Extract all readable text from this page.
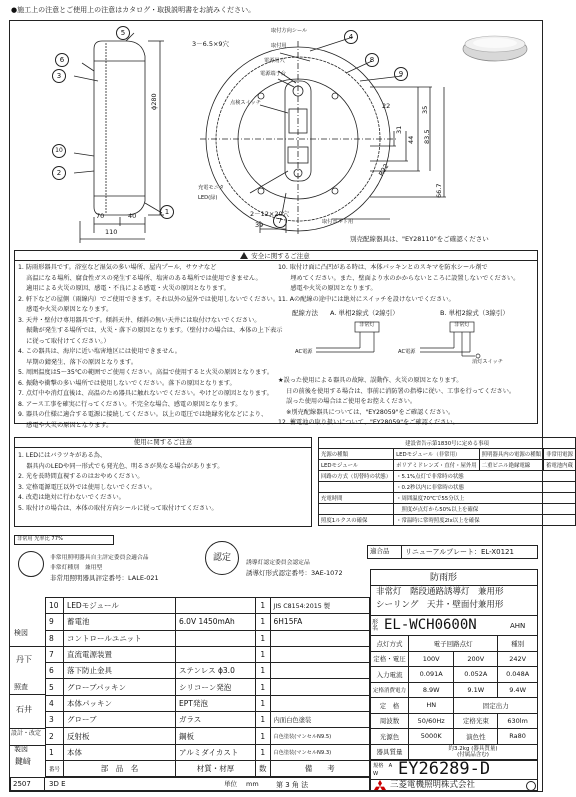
●施工上の注意とご使用上の注意はカタログ・取扱説明書をお読みください。
5
6
3
10
2
1
4
8
9
7
70	40
110
ϕ280
3－6.5×9穴
2－12×20穴
39
22
31
44
35
83.5
66.7
R22
取付方向シール
取付用
電源用穴
電源端子台
点検スイッチ
充電モニタ
LED(緑)
取付ボルト用
別売配線器具は、"EY28110"をご確認ください
安全に関するご注意
1. 防雨形器具です。浴室など湿気の多い場所、屋内プール、サウナなど
　 高温になる場所、腐食性ガスの発生する場所、塩害のある場所では使用できません。
　 適用による火災の原因、感電・不良による感電・火災の原因となります。
2. 軒下などの屋側（雨線内）でご使用できます。それ以外の屋外では使用しないでください。
　 感電や火災の原因となります。
3. 天井・壁付け専用器具です。傾斜天井、傾斜の無い天井には取付けないでください。
　 振動が発生する場所では、火災・落下の原因となります。（壁付けの場合は、本体の上下表示
　 に従って取付けてください。）
4. この器具は、海岸に近い塩害地区には使用できません。
　 早期の錆発生、落下の原因となります。
5. 周囲温度は5～35℃の範囲でご使用ください。高温で使用すると火災の原因となります。
6. 振動や衝撃の多い場所では使用しないでください。落下の原因となります。
7. 点灯中や消灯直後は、高温のため器具に触れないでください。やけどの原因となります。
8. アース工事を確実に行ってください。不完全な場合、感電の原因となります。
9. 器具の仕様に適合する電源に接続してください。以上の電圧では絶縁劣化などにより、
　 感電や火災の原因となります。
10. 取付け面に凸凹がある時は、本体パッキンとのスキマを防水シール剤で
　　埋めてください。また、壁面より水のかからないところに設置しないでください。
　　感電や火災の原因となります。
11. Aの配線の途中には絶対にスイッチを設けないでください。
配線方法 A. 単相2線式（2線引）	B. 単相2線式（3線引）
非常灯	非常灯
AC電源	AC電源
消灯スイッチ
★誤った使用による器具の故障、誤動作、火災の原因となります。
　 日の前後を使用する場合は、事前に消防署の指導に従い、工事を行ってください。
　 誤った使用の場合はご使用をお控えください。
　 ※別売配線器具については、"EY28059"をご確認ください。
12. 蓄電池の取り扱いについて、"EY28059"をご確認ください。
使用に関するご注意
1. LEDにはバラツキがある為、
　 器具内のLEDや同一形式でも発光色、明るさが異なる場合があります。
2. 光を長時間直視するのはおやめください。
3. 定格電源電圧以外では使用しないでください。
4. 改造は絶対に行わないでください。
5. 取付けの場合は、本体の取付方向シールに従って取付けてください。
建設省告示第1830号に定める事項			
光源の種類	LEDモジュール（非常用）	照明器具内の電源の種類	非常用電源
LEDモジュール	ポリアミドレンズ・直付・屋外用	二重ピニル絶縁電線	蓄電池内蔵
回路の方式（切替時の状態）	・5.1%点灯で非常時の状態		
	・0.2秒以内に非常時の状態		
充電時間	・周囲温度70℃で55分以上		
	　照度が点灯から50%以上を確保		
照度1ルクスの確保	・常温時に常時照度2lx以上を確保		
非常用 光率比 77%
非常用照明器具自主評定委員会適合品
非常灯種別　兼用型
非常用照明器具評定番号：LALE-021
認定	誘導灯認定委員会認定品
誘導灯形式認定番号：3AE-1072
適合品 リニューアルプレート：EL-X0121
検図
丹下
照査
石井
設計・改定
製図
鍵﨑
10	LEDモジュール		1	JIS C8154:2015 製
9	蓄電池	6.0V 1450mAh	1	6H15FA
8	コントロールユニット		1	
7	直流電源装置		1	
6	落下防止金具	ステンレス ϕ3.0	1	
5	グローブパッキン	シリコーン発泡	1	
4	本体パッキン	EPT発泡	1	
3	グローブ	ガラス	1	内面白色塗装
2	反射板	鋼板	1	白色塗装(マンセルN9.5)
1	本体	アルミダイカスト	1	白色塗装(マンセルN9.3)
番号	部　品　名	材質・材厚	数	備　　考
2507	3D E	単位 mm 第 3 角 法
防雨形
非常灯　階段通路誘導灯　兼用形
シーリング　天井・壁面付兼用形
形名 EL-WCH0600N	AHN
点灯方式	電子回路点灯		種別
定格・電圧	100V	200V	242V
入力電流	0.091A	0.052A	0.048A
定格消費電力	8.9W	9.1W	9.4W
定　格	HN	固定出力	
周波数	50/60Hz	定格光束	630lm
光源色	5000K	演色性	Ra80
器具質量	約3.2kg (器具質量)
(付属品含む)		
規格　A
W EY26289-D
三菱電機照明株式会社
